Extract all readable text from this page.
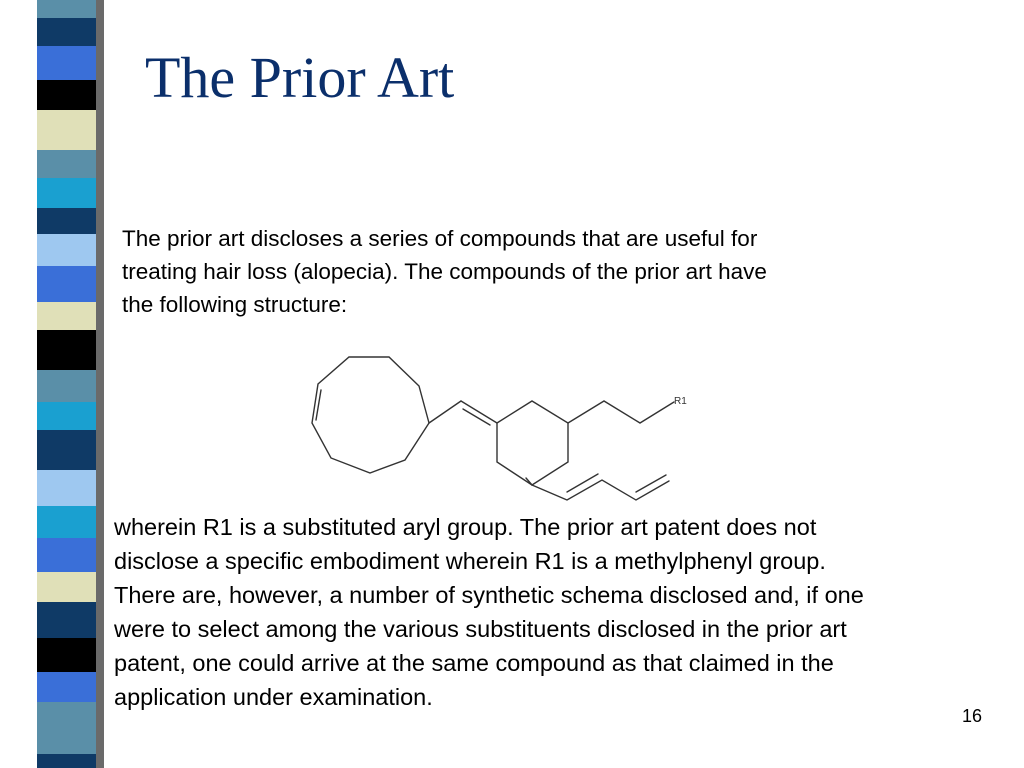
The Prior Art

The prior art discloses a series of compounds that are useful for
treating hair loss (alopecia). The compounds of the prior art have
the following structure:

R1

wherein R1 is a substituted aryl group. The prior art patent does not
disclose a specific embodiment wherein R1 is a methylphenyl group.
There are, however, a number of synthetic schema disclosed and, if one
were to select among the various substituents disclosed in the prior art
patent, one could arrive at the same compound as that claimed in the
application under examination.

16
